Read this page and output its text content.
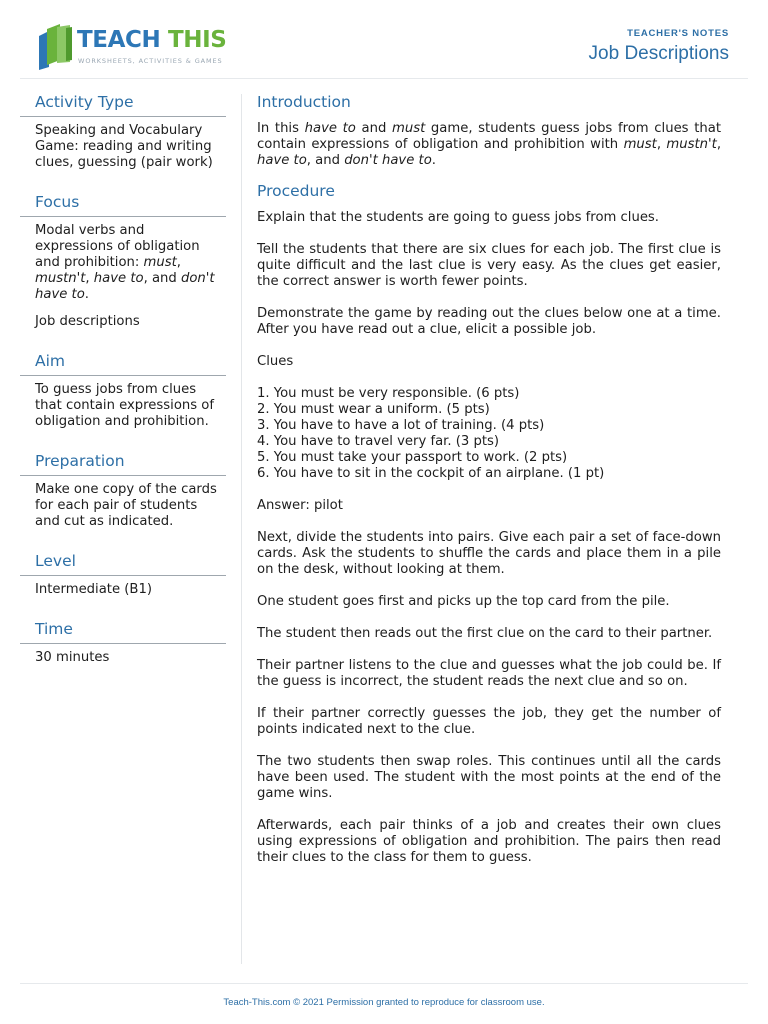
TEACH THIS
WORKSHEETS, ACTIVITIES & GAMES
TEACHER'S NOTES
Job Descriptions
Activity Type

Speaking and Vocabulary Game: reading and writing clues, guessing (pair work)

Focus

Modal verbs and expressions of obligation and prohibition: must, mustn't, have to, and don't have to.

Job descriptions

Aim

To guess jobs from clues that contain expressions of obligation and prohibition.

Preparation

Make one copy of the cards for each pair of students and cut as indicated.

Level

Intermediate (B1)

Time

30 minutes

Introduction

In this have to and must game, students guess jobs from clues that contain expressions of obligation and prohibition with must, mustn't, have to, and don't have to.

Procedure

Explain that the students are going to guess jobs from clues.

Tell the students that there are six clues for each job. The first clue is quite difficult and the last clue is very easy. As the clues get easier, the correct answer is worth fewer points.

Demonstrate the game by reading out the clues below one at a time. After you have read out a clue, elicit a possible job.

Clues

1. You must be very responsible. (6 pts)
2. You must wear a uniform. (5 pts)
3. You have to have a lot of training. (4 pts)
4. You have to travel very far. (3 pts)
5. You must take your passport to work. (2 pts)
6. You have to sit in the cockpit of an airplane. (1 pt)

Answer: pilot

Next, divide the students into pairs. Give each pair a set of face-down cards. Ask the students to shuffle the cards and place them in a pile on the desk, without looking at them.

One student goes first and picks up the top card from the pile.

The student then reads out the first clue on the card to their partner.

Their partner listens to the clue and guesses what the job could be. If the guess is incorrect, the student reads the next clue and so on.

If their partner correctly guesses the job, they get the number of points indicated next to the clue.

The two students then swap roles. This continues until all the cards have been used. The student with the most points at the end of the game wins.

Afterwards, each pair thinks of a job and creates their own clues using expressions of obligation and prohibition. The pairs then read their clues to the class for them to guess.

Teach-This.com © 2021 Permission granted to reproduce for classroom use.
